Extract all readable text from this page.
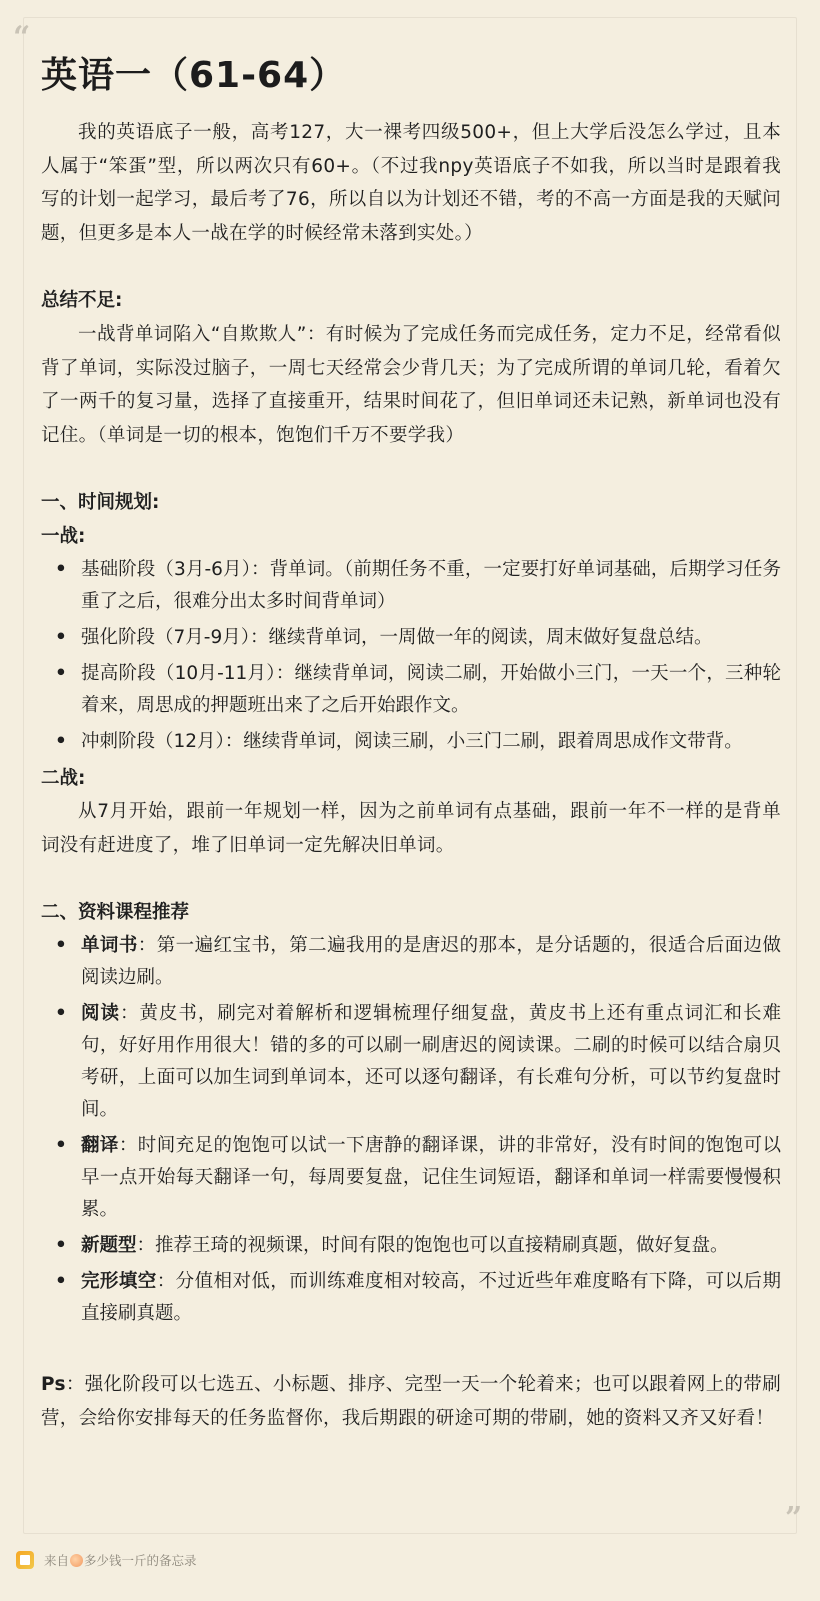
“
”
英语一（61-64）

我的英语底子一般，高考127，大一裸考四级500+，但上大学后没怎么学过，且本人属于“笨蛋”型，所以两次只有60+。（不过我npy英语底子不如我，所以当时是跟着我写的计划一起学习，最后考了76，所以自以为计划还不错，考的不高一方面是我的天赋问题，但更多是本人一战在学的时候经常未落到实处。）

总结不足:

一战背单词陷入“自欺欺人”：有时候为了完成任务而完成任务，定力不足，经常看似背了单词，实际没过脑子，一周七天经常会少背几天；为了完成所谓的单词几轮，看着欠了一两千的复习量，选择了直接重开，结果时间花了，但旧单词还未记熟，新单词也没有记住。（单词是一切的根本，饱饱们千万不要学我）

一、时间规划:

一战:

• 基础阶段（3月-6月）：背单词。（前期任务不重，一定要打好单词基础，后期学习任务重了之后，很难分出太多时间背单词）
• 强化阶段（7月-9月）：继续背单词，一周做一年的阅读，周末做好复盘总结。
• 提高阶段（10月-11月）：继续背单词，阅读二刷，开始做小三门，一天一个，三种轮着来，周思成的押题班出来了之后开始跟作文。
• 冲刺阶段（12月）：继续背单词，阅读三刷，小三门二刷，跟着周思成作文带背。

二战:

从7月开始，跟前一年规划一样，因为之前单词有点基础，跟前一年不一样的是背单词没有赶进度了，堆了旧单词一定先解决旧单词。

二、资料课程推荐

• 单词书：第一遍红宝书，第二遍我用的是唐迟的那本，是分话题的，很适合后面边做阅读边刷。
• 阅读：黄皮书，刷完对着解析和逻辑梳理仔细复盘，黄皮书上还有重点词汇和长难句，好好用作用很大！错的多的可以刷一刷唐迟的阅读课。二刷的时候可以结合扇贝考研，上面可以加生词到单词本，还可以逐句翻译，有长难句分析，可以节约复盘时间。
• 翻译：时间充足的饱饱可以试一下唐静的翻译课，讲的非常好，没有时间的饱饱可以早一点开始每天翻译一句，每周要复盘，记住生词短语，翻译和单词一样需要慢慢积累。
• 新题型：推荐王琦的视频课，时间有限的饱饱也可以直接精刷真题，做好复盘。
• 完形填空：分值相对低，而训练难度相对较高，不过近些年难度略有下降，可以后期直接刷真题。

Ps：强化阶段可以七选五、小标题、排序、完型一天一个轮着来；也可以跟着网上的带刷营，会给你安排每天的任务监督你，我后期跟的研途可期的带刷，她的资料又齐又好看！

来自 多少钱一斤的备忘录
